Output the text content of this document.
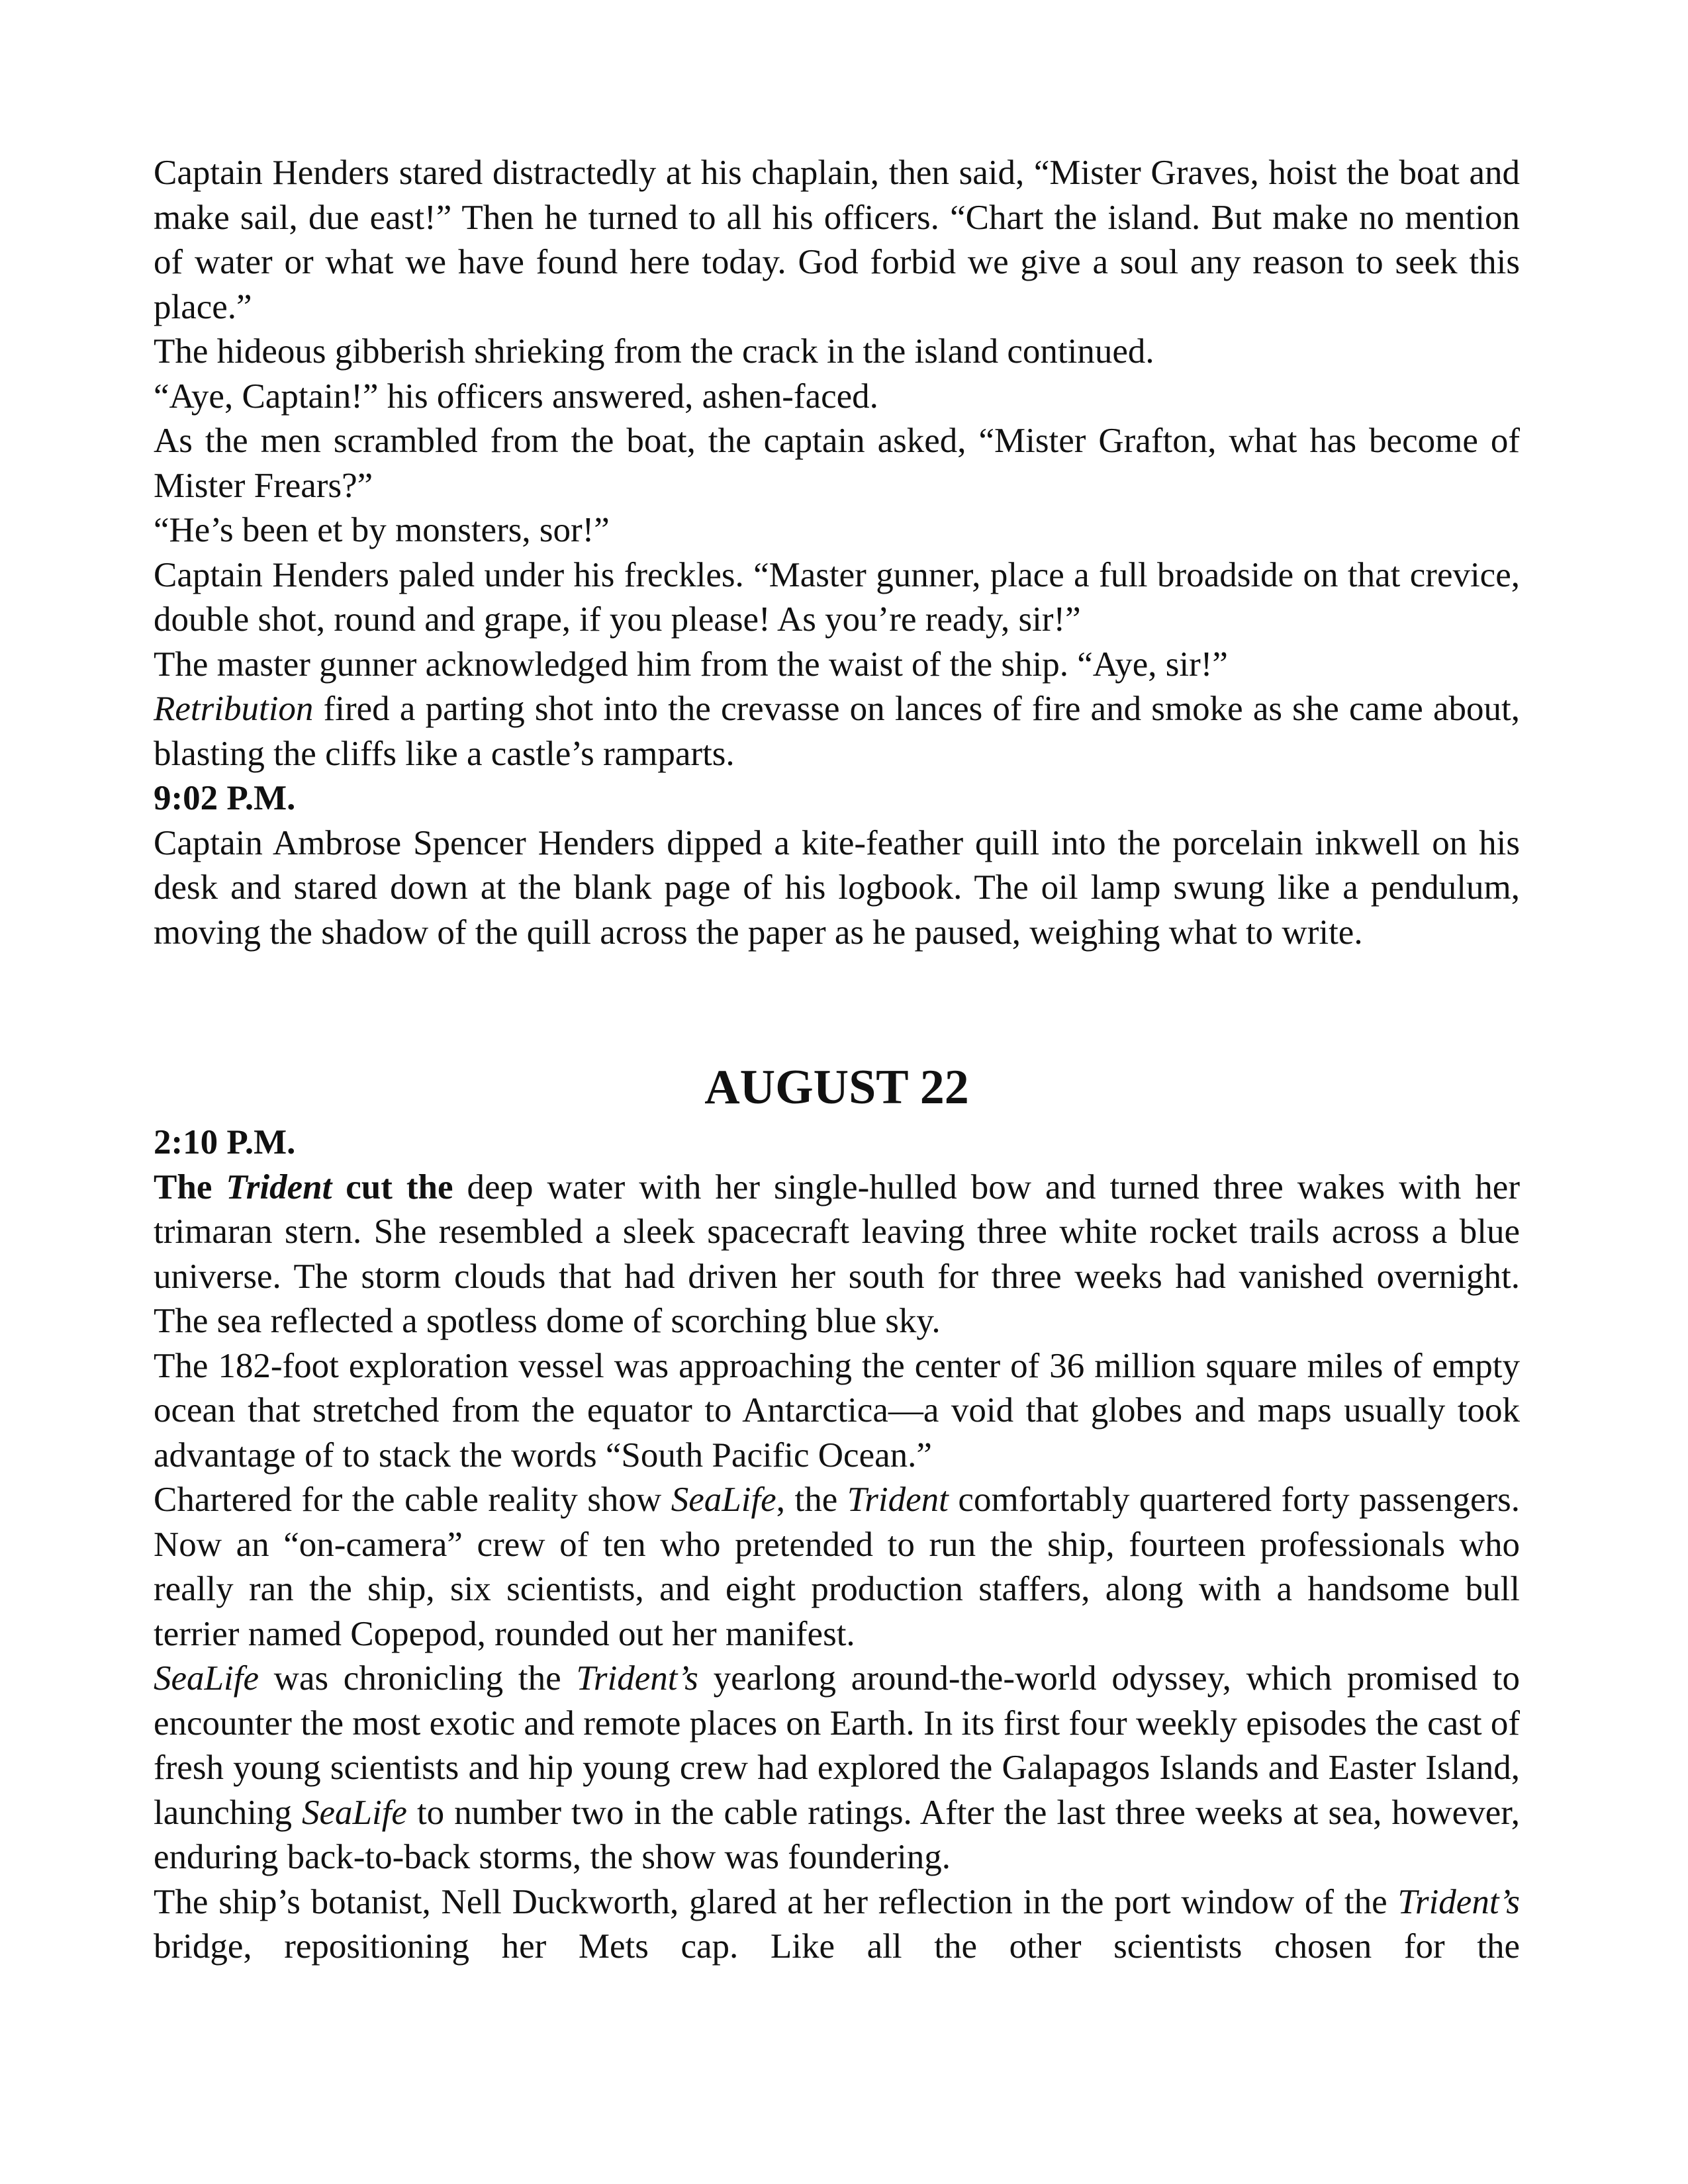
Captain Henders stared distractedly at his chaplain, then said, “Mister Graves, hoist the boat and make sail, due east!” Then he turned to all his officers. “Chart the island. But make no mention of water or what we have found here today. God forbid we give a soul any reason to seek this place.”

The hideous gibberish shrieking from the crack in the island continued.

“Aye, Captain!” his officers answered, ashen-faced.

As the men scrambled from the boat, the captain asked, “Mister Grafton, what has become of Mister Frears?”

“He’s been et by monsters, sor!”

Captain Henders paled under his freckles. “Master gunner, place a full broadside on that crevice, double shot, round and grape, if you please! As you’re ready, sir!”

The master gunner acknowledged him from the waist of the ship. “Aye, sir!”

Retribution fired a parting shot into the crevasse on lances of fire and smoke as she came about, blasting the cliffs like a castle’s ramparts.

9:02 P.M.

Captain Ambrose Spencer Henders dipped a kite-feather quill into the porcelain inkwell on his desk and stared down at the blank page of his logbook. The oil lamp swung like a pendulum, moving the shadow of the quill across the paper as he paused, weighing what to write.

AUGUST 22
2:10 P.M.

The Trident cut the deep water with her single-hulled bow and turned three wakes with her trimaran stern. She resembled a sleek spacecraft leaving three white rocket trails across a blue universe. The storm clouds that had driven her south for three weeks had vanished overnight. The sea reflected a spotless dome of scorching blue sky.

The 182-foot exploration vessel was approaching the center of 36 million square miles of empty ocean that stretched from the equator to Antarctica—a void that globes and maps usually took advantage of to stack the words “South Pacific Ocean.”

Chartered for the cable reality show SeaLife, the Trident comfortably quartered forty passengers. Now an “on-camera” crew of ten who pretended to run the ship, fourteen professionals who really ran the ship, six scientists, and eight production staffers, along with a handsome bull terrier named Copepod, rounded out her manifest.

SeaLife was chronicling the Trident’s yearlong around-the-world odyssey, which promised to encounter the most exotic and remote places on Earth. In its first four weekly episodes the cast of fresh young scientists and hip young crew had explored the Galapagos Islands and Easter Island, launching SeaLife to number two in the cable ratings. After the last three weeks at sea, however, enduring back-to-back storms, the show was foundering.

The ship’s botanist, Nell Duckworth, glared at her reflection in the port window of the Trident’s bridge, repositioning her Mets cap. Like all the other scientists chosen for the
